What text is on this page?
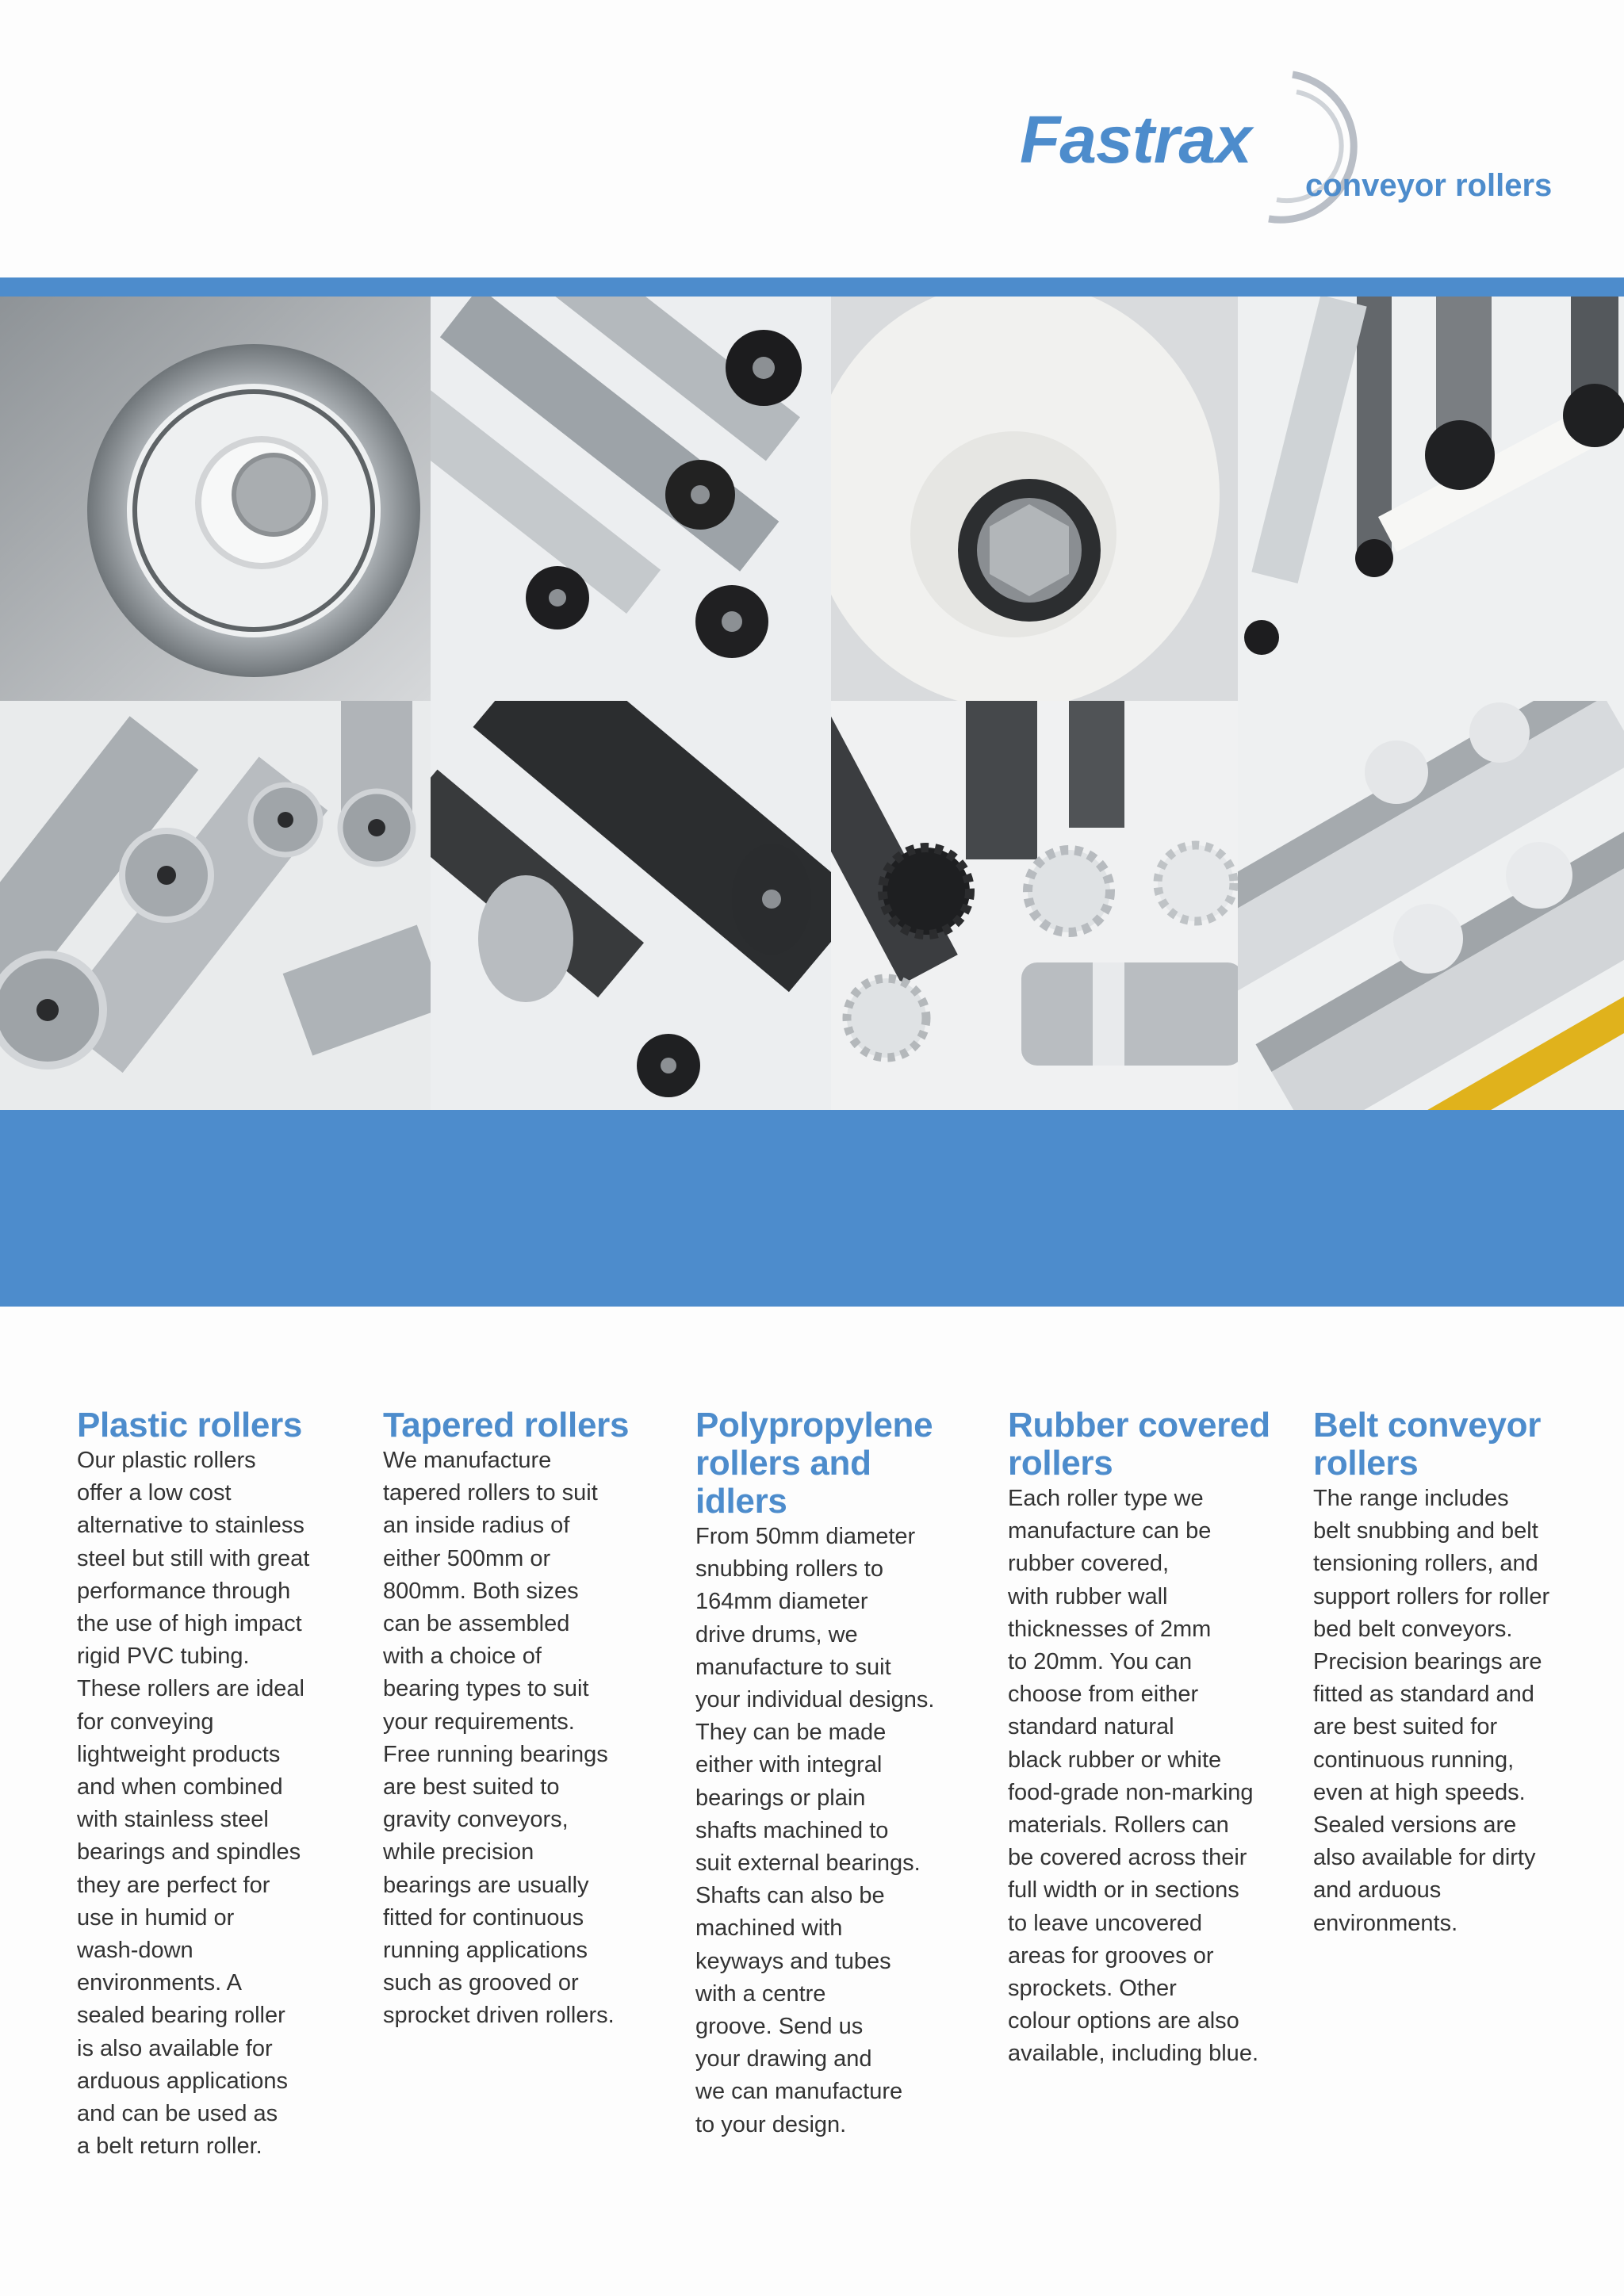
Fastrax
conveyor rollers
Plastic rollers
Our plastic rollers
offer a low cost
alternative to stainless
steel but still with great
performance through
the use of high impact
rigid PVC tubing.
These rollers are ideal
for conveying
lightweight products
and when combined
with stainless steel
bearings and spindles
they are perfect for
use in humid or
wash-down
environments. A
sealed bearing roller
is also available for
arduous applications
and can be used as
a belt return roller.
Tapered rollers
We manufacture
tapered rollers to suit
an inside radius of
either 500mm or
800mm. Both sizes
can be assembled
with a choice of
bearing types to suit
your requirements.
Free running bearings
are best suited to
gravity conveyors,
while precision
bearings are usually
fitted for continuous
running applications
such as grooved or
sprocket driven rollers.
Polypropylene
rollers and
idlers
From 50mm diameter
snubbing rollers to
164mm diameter
drive drums, we
manufacture to suit
your individual designs.
They can be made
either with integral
bearings or plain
shafts machined to
suit external bearings.
Shafts can also be
machined with
keyways and tubes
with a centre
groove. Send us
your drawing and
we can manufacture
to your design.
Rubber covered
rollers
Each roller type we
manufacture can be
rubber covered,
with rubber wall
thicknesses of 2mm
to 20mm. You can
choose from either
standard natural
black rubber or white
food-grade non-marking
materials. Rollers can
be covered across their
full width or in sections
to leave uncovered
areas for grooves or
sprockets. Other
colour options are also
available, including blue.
Belt conveyor
rollers
The range includes
belt snubbing and belt
tensioning rollers, and
support rollers for roller
bed belt conveyors.
Precision bearings are
fitted as standard and
are best suited for
continuous running,
even at high speeds.
Sealed versions are
also available for dirty
and arduous
environments.
